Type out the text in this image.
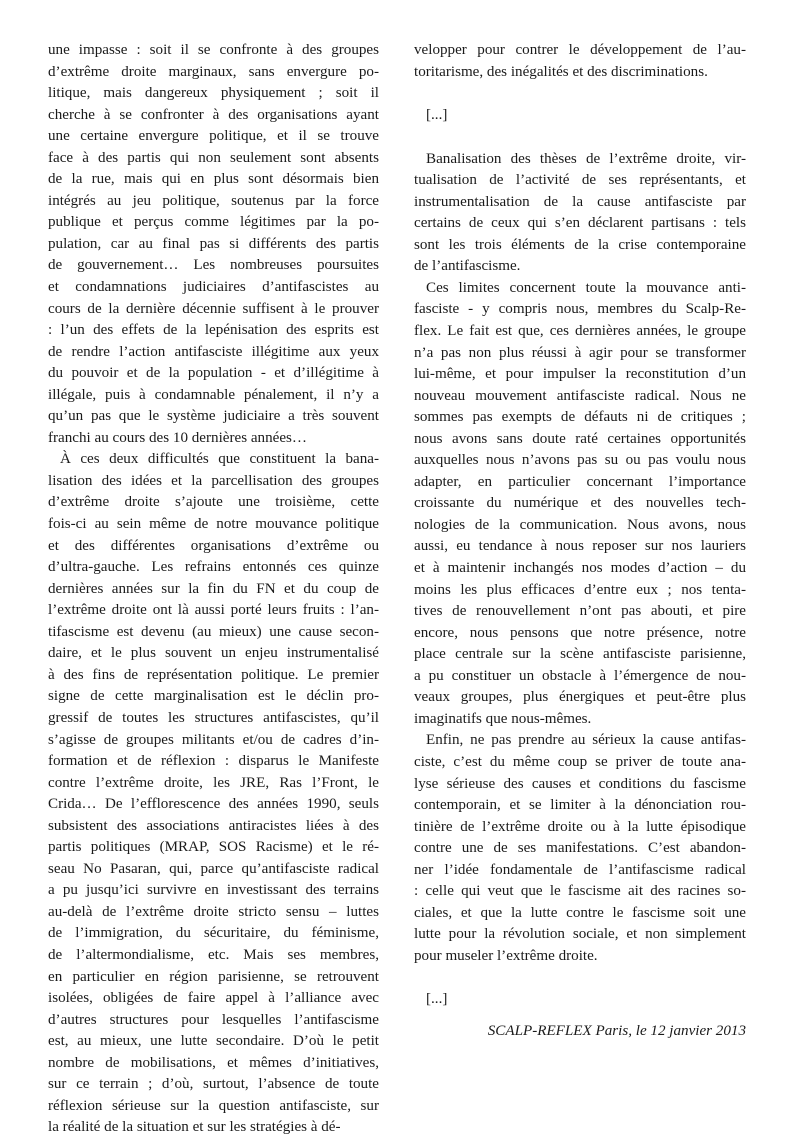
une impasse : soit il se confronte à des groupes
d’extrême droite marginaux, sans envergure po-
litique, mais dangereux physiquement ; soit il
cherche à se confronter à des organisations ayant
une certaine envergure politique, et il se trouve
face à des partis qui non seulement sont absents
de la rue, mais qui en plus sont désormais bien
intégrés au jeu politique, soutenus par la force
publique et perçus comme légitimes par la po-
pulation, car au final pas si différents des partis
de gouvernement… Les nombreuses poursuites
et condamnations judiciaires d’antifascistes au
cours de la dernière décennie suffisent à le prouver
: l’un des effets de la lepénisation des esprits est
de rendre l’action antifasciste illégitime aux yeux
du pouvoir et de la population - et d’illégitime à
illégale, puis à condamnable pénalement, il n’y a
qu’un pas que le système judiciaire a très souvent
franchi au cours des 10 dernières années…
À ces deux difficultés que constituent la bana-
lisation des idées et la parcellisation des groupes
d’extrême droite s’ajoute une troisième, cette
fois-ci au sein même de notre mouvance politique
et des différentes organisations d’extrême ou
d’ultra-gauche. Les refrains entonnés ces quinze
dernières années sur la fin du FN et du coup de
l’extrême droite ont là aussi porté leurs fruits : l’an-
tifascisme est devenu (au mieux) une cause secon-
daire, et le plus souvent un enjeu instrumentalisé
à des fins de représentation politique. Le premier
signe de cette marginalisation est le déclin pro-
gressif de toutes les structures antifascistes, qu’il
s’agisse de groupes militants et/ou de cadres d’in-
formation et de réflexion : disparus le Manifeste
contre l’extrême droite, les JRE, Ras l’Front, le
Crida… De l’efflorescence des années 1990, seuls
subsistent des associations antiracistes liées à des
partis politiques (MRAP, SOS Racisme) et le ré-
seau No Pasaran, qui, parce qu’antifasciste radical
a pu jusqu’ici survivre en investissant des terrains
au-delà de l’extrême droite stricto sensu – luttes
de l’immigration, du sécuritaire, du féminisme,
de l’altermondialisme, etc. Mais ses membres,
en particulier en région parisienne, se retrouvent
isolées, obligées de faire appel à l’alliance avec
d’autres structures pour lesquelles l’antifascisme
est, au mieux, une lutte secondaire. D’où le petit
nombre de mobilisations, et mêmes d’initiatives,
sur ce terrain ; d’où, surtout, l’absence de toute
réflexion sérieuse sur la question antifasciste, sur
la réalité de la situation et sur les stratégies à dé-
velopper pour contrer le développement de l’au-
toritarisme, des inégalités et des discriminations.
[...]
Banalisation des thèses de l’extrême droite, vir-
tualisation de l’activité de ses représentants, et
instrumentalisation de la cause antifasciste par
certains de ceux qui s’en déclarent partisans : tels
sont les trois éléments de la crise contemporaine
de l’antifascisme.
Ces limites concernent toute la mouvance anti-
fasciste - y compris nous, membres du Scalp-Re-
flex. Le fait est que, ces dernières années, le groupe
n’a pas non plus réussi à agir pour se transformer
lui-même, et pour impulser la reconstitution d’un
nouveau mouvement antifasciste radical. Nous ne
sommes pas exempts de défauts ni de critiques ;
nous avons sans doute raté certaines opportunités
auxquelles nous n’avons pas su ou pas voulu nous
adapter, en particulier concernant l’importance
croissante du numérique et des nouvelles tech-
nologies de la communication. Nous avons, nous
aussi, eu tendance à nous reposer sur nos lauriers
et à maintenir inchangés nos modes d’action – du
moins les plus efficaces d’entre eux ; nos tenta-
tives de renouvellement n’ont pas abouti, et pire
encore, nous pensons que notre présence, notre
place centrale sur la scène antifasciste parisienne,
a pu constituer un obstacle à l’émergence de nou-
veaux groupes, plus énergiques et peut-être plus
imaginatifs que nous-mêmes.
Enfin, ne pas prendre au sérieux la cause antifas-
ciste, c’est du même coup se priver de toute ana-
lyse sérieuse des causes et conditions du fascisme
contemporain, et se limiter à la dénonciation rou-
tinière de l’extrême droite ou à la lutte épisodique
contre une de ses manifestations. C’est abandon-
ner l’idée fondamentale de l’antifascisme radical
: celle qui veut que le fascisme ait des racines so-
ciales, et que la lutte contre le fascisme soit une
lutte pour la révolution sociale, et non simplement
pour museler l’extrême droite.
[...]
SCALP-REFLEX Paris, le 12 janvier 2013
